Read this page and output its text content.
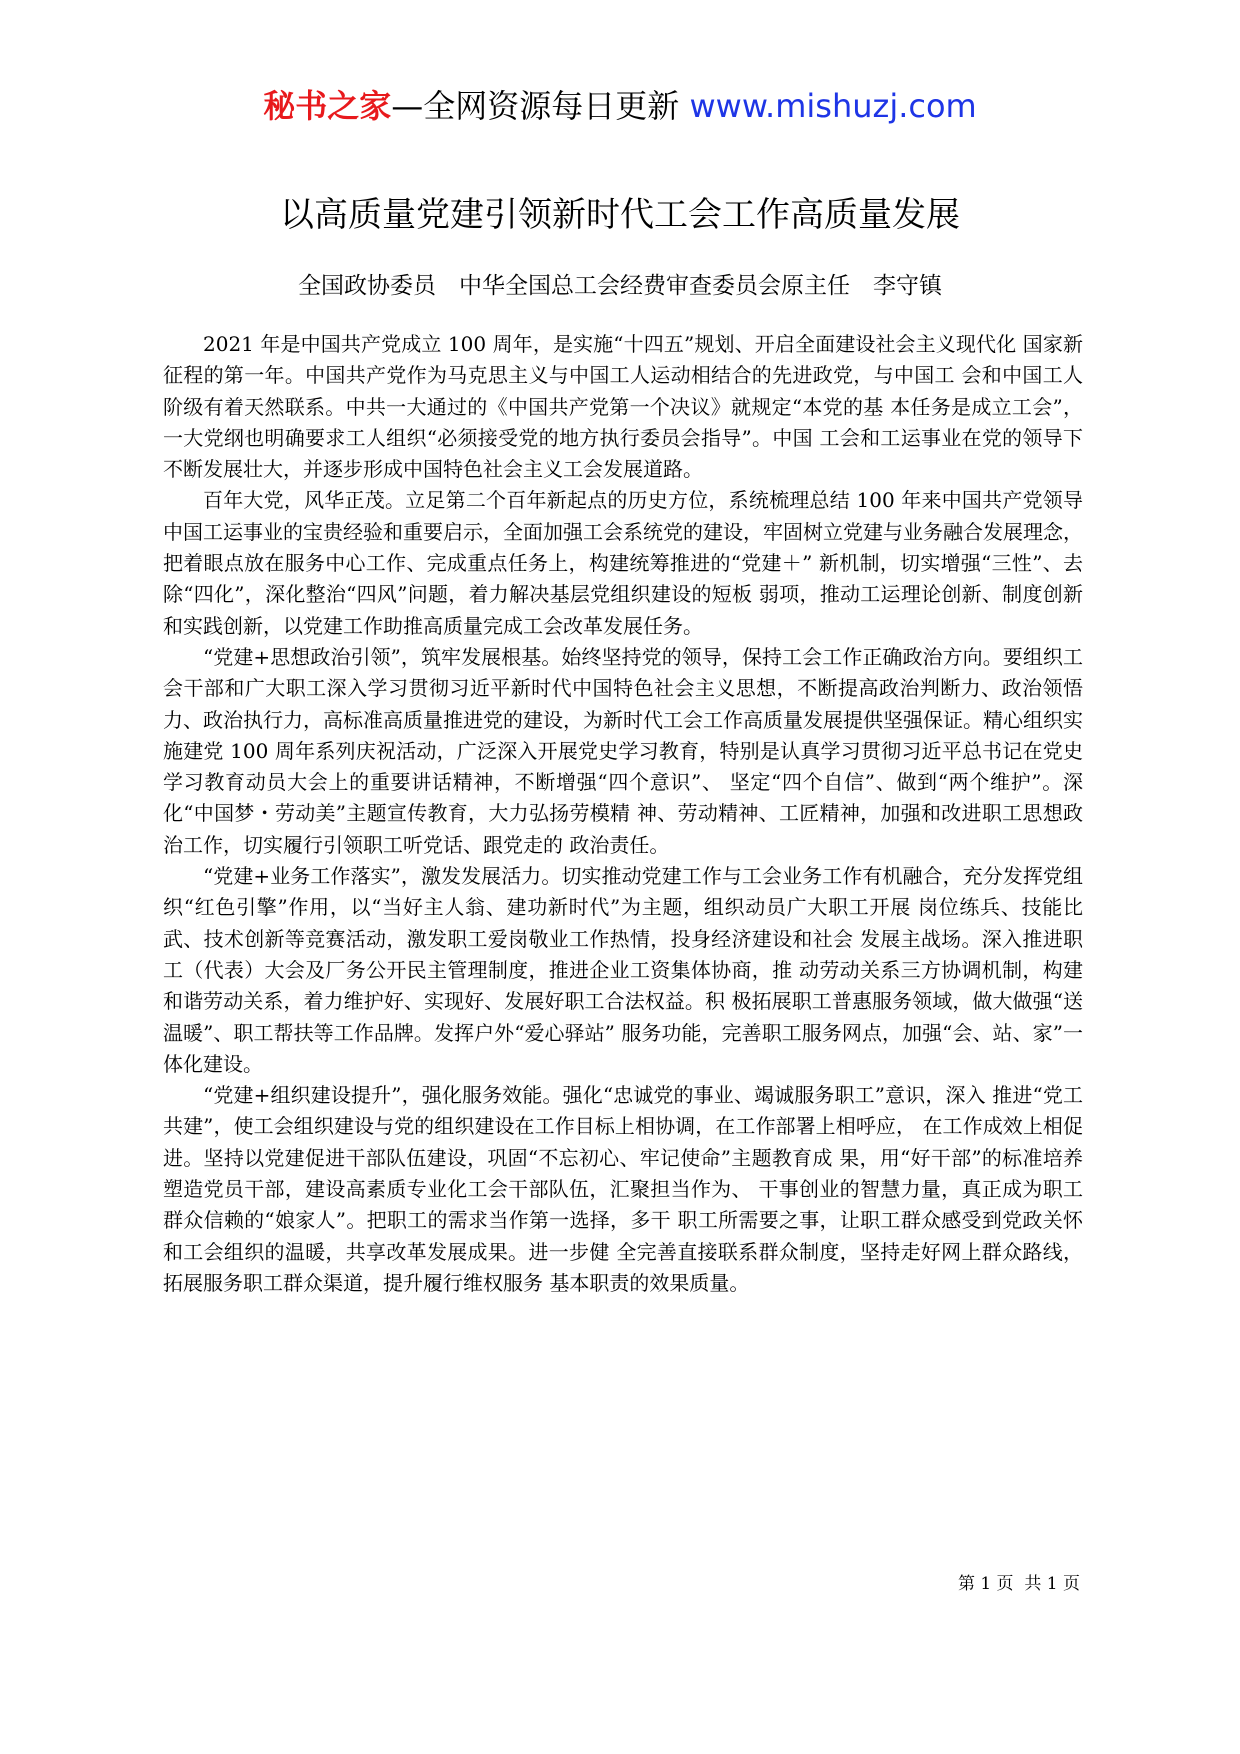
秘书之家—全网资源每日更新 www.mishuzj.com
以高质量党建引领新时代工会工作高质量发展
全国政协委员　中华全国总工会经费审查委员会原主任　李守镇

2021 年是中国共产党成立 100 周年，是实施“十四五”规划、开启全面建设社会主义现代化 国家新征程的第一年。中国共产党作为马克思主义与中国工人运动相结合的先进政党，与中国工 会和中国工人阶级有着天然联系。中共一大通过的《中国共产党第一个决议》就规定“本党的基 本任务是成立工会”，一大党纲也明确要求工人组织“必须接受党的地方执行委员会指导”。中国 工会和工运事业在党的领导下不断发展壮大，并逐步形成中国特色社会主义工会发展道路。

百年大党，风华正茂。立足第二个百年新起点的历史方位，系统梳理总结 100 年来中国共产党领导中国工运事业的宝贵经验和重要启示，全面加强工会系统党的建设，牢固树立党建与业务融合发展理念，把着眼点放在服务中心工作、完成重点任务上，构建统筹推进的“党建＋” 新机制，切实增强“三性”、去除“四化”，深化整治“四风”问题，着力解决基层党组织建设的短板 弱项，推动工运理论创新、制度创新和实践创新，以党建工作助推高质量完成工会改革发展任务。

“党建+思想政治引领”，筑牢发展根基。始终坚持党的领导，保持工会工作正确政治方向。要组织工会干部和广大职工深入学习贯彻习近平新时代中国特色社会主义思想，不断提高政治判断力、政治领悟力、政治执行力，高标准高质量推进党的建设，为新时代工会工作高质量发展提供坚强保证。精心组织实施建党 100 周年系列庆祝活动，广泛深入开展党史学习教育，特别是认真学习贯彻习近平总书记在党史学习教育动员大会上的重要讲话精神，不断增强“四个意识”、 坚定“四个自信”、做到“两个维护”。深化“中国梦・劳动美”主题宣传教育，大力弘扬劳模精 神、劳动精神、工匠精神，加强和改进职工思想政治工作，切实履行引领职工听党话、跟党走的 政治责任。

“党建+业务工作落实”，激发发展活力。切实推动党建工作与工会业务工作有机融合，充分发挥党组织“红色引擎”作用，以“当好主人翁、建功新时代”为主题，组织动员广大职工开展 岗位练兵、技能比武、技术创新等竞赛活动，激发职工爱岗敬业工作热情，投身经济建设和社会 发展主战场。深入推进职工（代表）大会及厂务公开民主管理制度，推进企业工资集体协商，推 动劳动关系三方协调机制，构建和谐劳动关系，着力维护好、实现好、发展好职工合法权益。积 极拓展职工普惠服务领域，做大做强“送温暖”、职工帮扶等工作品牌。发挥户外“爱心驿站” 服务功能，完善职工服务网点，加强“会、站、家”一体化建设。

“党建+组织建设提升”，强化服务效能。强化“忠诚党的事业、竭诚服务职工”意识，深入 推进“党工共建”，使工会组织建设与党的组织建设在工作目标上相协调，在工作部署上相呼应， 在工作成效上相促进。坚持以党建促进干部队伍建设，巩固“不忘初心、牢记使命”主题教育成 果，用“好干部”的标准培养塑造党员干部，建设高素质专业化工会干部队伍，汇聚担当作为、 干事创业的智慧力量，真正成为职工群众信赖的“娘家人”。把职工的需求当作第一选择，多干 职工所需要之事，让职工群众感受到党政关怀和工会组织的温暖，共享改革发展成果。进一步健 全完善直接联系群众制度，坚持走好网上群众路线，拓展服务职工群众渠道，提升履行维权服务 基本职责的效果质量。

第 1 页  共 1 页
